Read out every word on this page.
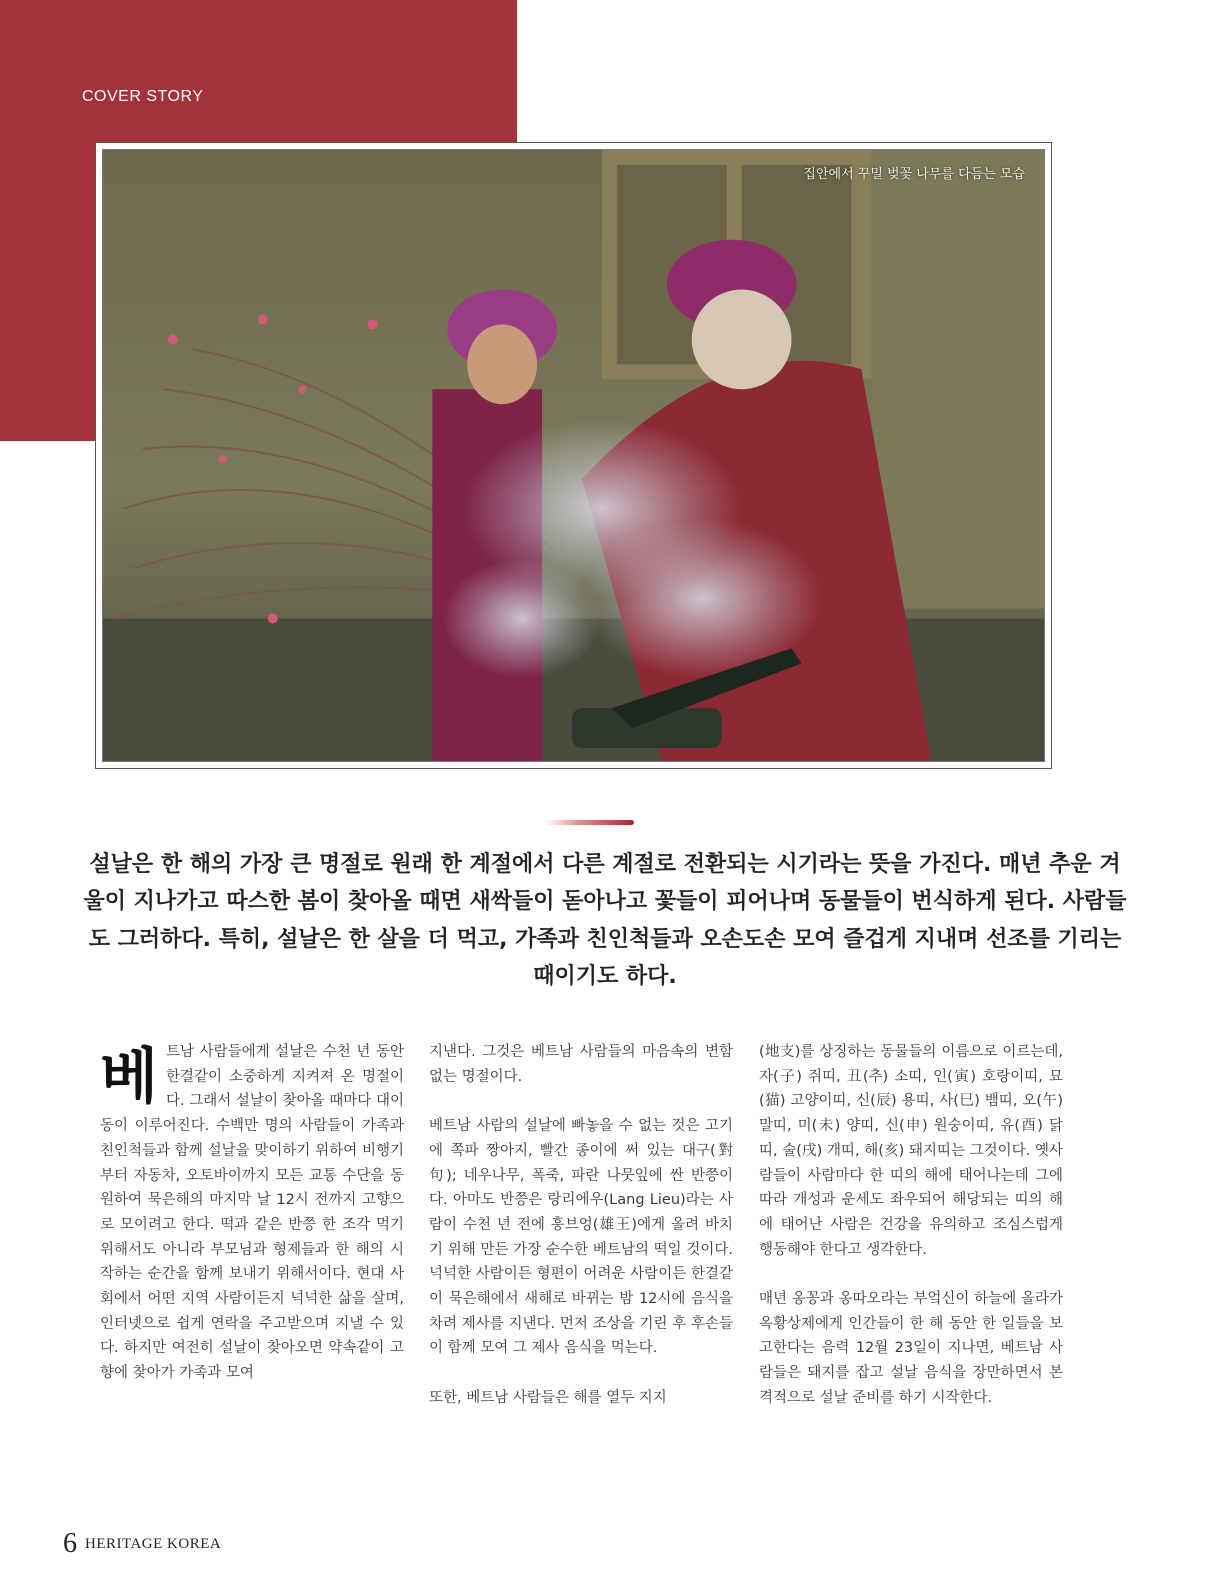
COVER STORY
집안에서 꾸밀 벚꽃 나무를 다듬는 모습

설날은 한 해의 가장 큰 명절로 원래 한 계절에서 다른 계절로 전환되는 시기라는 뜻을 가진다. 매년 추운 겨울이 지나가고 따스한 봄이 찾아올 때면 새싹들이 돋아나고 꽃들이 피어나며 동물들이 번식하게 된다. 사람들도 그러하다. 특히, 설날은 한 살을 더 먹고, 가족과 친인척들과 오손도손 모여 즐겁게 지내며 선조를 기리는 때이기도 하다.

베트남 사람들에게 설날은 수천 년 동안 한결같이 소중하게 지켜져 온 명절이다. 그래서 설날이 찾아올 때마다 대이동이 이루어진다. 수백만 명의 사람들이 가족과 친인척들과 함께 설날을 맞이하기 위하여 비행기부터 자동차, 오토바이까지 모든 교통 수단을 동원하여 묵은해의 마지막 날 12시 전까지 고향으로 모이려고 한다. 떡과 같은 반쯩 한 조각 먹기 위해서도 아니라 부모님과 형제들과 한 해의 시작하는 순간을 함께 보내기 위해서이다. 현대 사회에서 어떤 지역 사람이든지 넉넉한 삶을 살며, 인터넷으로 쉽게 연락을 주고받으며 지낼 수 있다. 하지만 여전히 설날이 찾아오면 약속같이 고향에 찾아가 가족과 모여

지낸다. 그것은 베트남 사람들의 마음속의 변함없는 명절이다.

베트남 사람의 설날에 빠놓을 수 없는 것은 고기에 쪽파 짱아지, 빨간 종이에 써 있는 대구(對句); 네우나무, 폭죽, 파란 나뭇잎에 싼 반쯩이다. 아마도 반쯩은 랑리에우(Lang Lieu)라는 사람이 수천 년 전에 훙브엉(雄王)에게 올려 바치기 위해 만든 가장 순수한 베트남의 떡일 것이다. 넉넉한 사람이든 형편이 어려운 사람이든 한결같이 묵은해에서 새해로 바뀌는 밤 12시에 음식을 차려 제사를 지낸다. 먼저 조상을 기린 후 후손들이 함께 모여 그 제사 음식을 먹는다.

또한, 베트남 사람들은 해를 열두 지지

(地支)를 상징하는 동물들의 이름으로 이르는데, 자(子) 쥐띠, 丑(추) 소띠, 인(寅) 호랑이띠, 묘(猫) 고양이띠, 신(辰) 용띠, 사(巳) 뱀띠, 오(午) 말띠, 미(未) 양띠, 신(申) 원숭이띠, 유(酉) 닭띠, 술(戌) 개띠, 해(亥) 돼지띠는 그것이다. 옛사람들이 사람마다 한 띠의 해에 태어나는데 그에 따라 개성과 운세도 좌우되어 해당되는 띠의 해에 태어난 사람은 건강을 유의하고 조심스럽게 행동해야 한다고 생각한다.

매년 옹꽁과 옹따오라는 부엌신이 하늘에 올라가 옥황상제에게 인간들이 한 해 동안 한 일들을 보고한다는 음력 12월 23일이 지나면, 베트남 사람들은 돼지를 잡고 설날 음식을 장만하면서 본격적으로 설날 준비를 하기 시작한다.

6 HERITAGE KOREA
